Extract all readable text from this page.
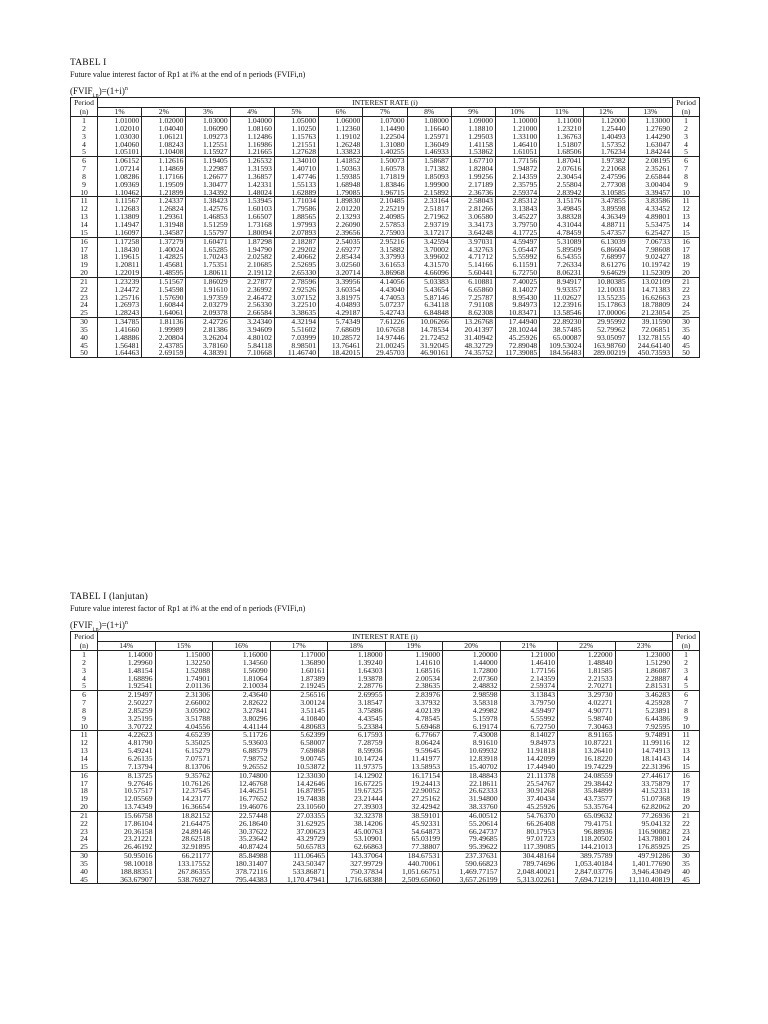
TABEL I
Future value interest factor of Rp1 at i% at the end of n periods (FVIFi,n)
$(FVIF_{i,n})=(1+i)^n$
Period	INTEREST RATE (i)													Period
(n)	1%	2%	3%	4%	5%	6%	7%	8%	9%	10%	11%	12%	13%	(n)
1	1.01000	1.02000	1.03000	1.04000	1.05000	1.06000	1.07000	1.08000	1.09000	1.10000	1.11000	1.12000	1.13000	1
2	1.02010	1.04040	1.06090	1.08160	1.10250	1.12360	1.14490	1.16640	1.18810	1.21000	1.23210	1.25440	1.27690	2
3	1.03030	1.06121	1.09273	1.12486	1.15763	1.19102	1.22504	1.25971	1.29503	1.33100	1.36763	1.40493	1.44290	3
4	1.04060	1.08243	1.12551	1.16986	1.21551	1.26248	1.31080	1.36049	1.41158	1.46410	1.51807	1.57352	1.63047	4
5	1.05101	1.10408	1.15927	1.21665	1.27628	1.33823	1.40255	1.46933	1.53862	1.61051	1.68506	1.76234	1.84244	5
6	1.06152	1.12616	1.19405	1.26532	1.34010	1.41852	1.50073	1.58687	1.67710	1.77156	1.87041	1.97382	2.08195	6
7	1.07214	1.14869	1.22987	1.31593	1.40710	1.50363	1.60578	1.71382	1.82804	1.94872	2.07616	2.21068	2.35261	7
8	1.08286	1.17166	1.26677	1.36857	1.47746	1.59385	1.71819	1.85093	1.99256	2.14359	2.30454	2.47596	2.65844	8
9	1.09369	1.19509	1.30477	1.42331	1.55133	1.68948	1.83846	1.99900	2.17189	2.35795	2.55804	2.77308	3.00404	9
10	1.10462	1.21899	1.34392	1.48024	1.62889	1.79085	1.96715	2.15892	2.36736	2.59374	2.83942	3.10585	3.39457	10
11	1.11567	1.24337	1.38423	1.53945	1.71034	1.89830	2.10485	2.33164	2.58043	2.85312	3.15176	3.47855	3.83586	11
12	1.12683	1.26824	1.42576	1.60103	1.79586	2.01220	2.25219	2.51817	2.81266	3.13843	3.49845	3.89598	4.33452	12
13	1.13809	1.29361	1.46853	1.66507	1.88565	2.13293	2.40985	2.71962	3.06580	3.45227	3.88328	4.36349	4.89801	13
14	1.14947	1.31948	1.51259	1.73168	1.97993	2.26090	2.57853	2.93719	3.34173	3.79750	4.31044	4.88711	5.53475	14
15	1.16097	1.34587	1.55797	1.80094	2.07893	2.39656	2.75903	3.17217	3.64248	4.17725	4.78459	5.47357	6.25427	15
16	1.17258	1.37279	1.60471	1.87298	2.18287	2.54035	2.95216	3.42594	3.97031	4.59497	5.31089	6.13039	7.06733	16
17	1.18430	1.40024	1.65285	1.94790	2.29202	2.69277	3.15882	3.70002	4.32763	5.05447	5.89509	6.86604	7.98608	17
18	1.19615	1.42825	1.70243	2.02582	2.40662	2.85434	3.37993	3.99602	4.71712	5.55992	6.54355	7.68997	9.02427	18
19	1.20811	1.45681	1.75351	2.10685	2.52695	3.02560	3.61653	4.31570	5.14166	6.11591	7.26334	8.61276	10.19742	19
20	1.22019	1.48595	1.80611	2.19112	2.65330	3.20714	3.86968	4.66096	5.60441	6.72750	8.06231	9.64629	11.52309	20
21	1.23239	1.51567	1.86029	2.27877	2.78596	3.39956	4.14056	5.03383	6.10881	7.40025	8.94917	10.80385	13.02109	21
22	1.24472	1.54598	1.91610	2.36992	2.92526	3.60354	4.43040	5.43654	6.65860	8.14027	9.93357	12.10031	14.71383	22
23	1.25716	1.57690	1.97359	2.46472	3.07152	3.81975	4.74053	5.87146	7.25787	8.95430	11.02627	13.55235	16.62663	23
24	1.26973	1.60844	2.03279	2.56330	3.22510	4.04893	5.07237	6.34118	7.91108	9.84973	12.23916	15.17863	18.78809	24
25	1.28243	1.64061	2.09378	2.66584	3.38635	4.29187	5.42743	6.84848	8.62308	10.83471	13.58546	17.00006	21.23054	25
30	1.34785	1.81136	2.42726	3.24340	4.32194	5.74349	7.61226	10.06266	13.26768	17.44940	22.89230	29.95992	39.11590	30
35	1.41660	1.99989	2.81386	3.94609	5.51602	7.68609	10.67658	14.78534	20.41397	28.10244	38.57485	52.79962	72.06851	35
40	1.48886	2.20804	3.26204	4.80102	7.03999	10.28572	14.97446	21.72452	31.40942	45.25926	65.00087	93.05097	132.78155	40
45	1.56481	2.43785	3.78160	5.84118	8.98501	13.76461	21.00245	31.92045	48.32729	72.89048	109.53024	163.98760	244.64140	45
50	1.64463	2.69159	4.38391	7.10668	11.46740	18.42015	29.45703	46.90161	74.35752	117.39085	184.56483	289.00219	450.73593	50
TABEL I (lanjutan)
Future value interest factor of Rp1 at i% at the end of n periods (FVIFi,n)
$(FVIF_{i,n})=(1+i)^n$
Period	INTEREST RATE (i)										Period
(n)	14%	15%	16%	17%	18%	19%	20%	21%	22%	23%	(n)
1	1.14000	1.15000	1.16000	1.17000	1.18000	1.19000	1.20000	1.21000	1.22000	1.23000	1
2	1.29960	1.32250	1.34560	1.36890	1.39240	1.41610	1.44000	1.46410	1.48840	1.51290	2
3	1.48154	1.52088	1.56090	1.60161	1.64303	1.68516	1.72800	1.77156	1.81585	1.86087	3
4	1.68896	1.74901	1.81064	1.87389	1.93878	2.00534	2.07360	2.14359	2.21533	2.28887	4
5	1.92541	2.01136	2.10034	2.19245	2.28776	2.38635	2.48832	2.59374	2.70271	2.81531	5
6	2.19497	2.31306	2.43640	2.56516	2.69955	2.83976	2.98598	3.13843	3.29730	3.46283	6
7	2.50227	2.66002	2.82622	3.00124	3.18547	3.37932	3.58318	3.79750	4.02271	4.25928	7
8	2.85259	3.05902	3.27841	3.51145	3.75886	4.02139	4.29982	4.59497	4.90771	5.23891	8
9	3.25195	3.51788	3.80296	4.10840	4.43545	4.78545	5.15978	5.55992	5.98740	6.44386	9
10	3.70722	4.04556	4.41144	4.80683	5.23384	5.69468	6.19174	6.72750	7.30463	7.92595	10
11	4.22623	4.65239	5.11726	5.62399	6.17593	6.77667	7.43008	8.14027	8.91165	9.74891	11
12	4.81790	5.35025	5.93603	6.58007	7.28759	8.06424	8.91610	9.84973	10.87221	11.99116	12
13	5.49241	6.15279	6.88579	7.69868	8.59936	9.59645	10.69932	11.91818	13.26410	14.74913	13
14	6.26135	7.07571	7.98752	9.00745	10.14724	11.41977	12.83918	14.42099	16.18220	18.14143	14
15	7.13794	8.13706	9.26552	10.53872	11.97375	13.58953	15.40702	17.44940	19.74229	22.31396	15
16	8.13725	9.35762	10.74800	12.33030	14.12902	16.17154	18.48843	21.11378	24.08559	27.44617	16
17	9.27646	10.76126	12.46768	14.42646	16.67225	19.24413	22.18611	25.54767	29.38442	33.75879	17
18	10.57517	12.37545	14.46251	16.87895	19.67325	22.90052	26.62333	30.91268	35.84899	41.52331	18
19	12.05569	14.23177	16.77652	19.74838	23.21444	27.25162	31.94800	37.40434	43.73577	51.07368	19
20	13.74349	16.36654	19.46076	23.10560	27.39303	32.42942	38.33760	45.25926	53.35764	62.82062	20
21	15.66758	18.82152	22.57448	27.03355	32.32378	38.59101	46.00512	54.76370	65.09632	77.26936	21
22	17.86104	21.64475	26.18640	31.62925	38.14206	45.92331	55.20614	66.26408	79.41751	95.04132	22
23	20.36158	24.89146	30.37622	37.00623	45.00763	54.64873	66.24737	80.17953	96.88936	116.90082	23
24	23.21221	28.62518	35.23642	43.29729	53.10901	65.03199	79.49685	97.01723	118.20502	143.78801	24
25	26.46192	32.91895	40.87424	50.65783	62.66863	77.38807	95.39622	117.39085	144.21013	176.85925	25
30	50.95016	66.21177	85.84988	111.06465	143.37064	184.67531	237.37631	304.48164	389.75789	497.91286	30
35	98.10018	133.17552	180.31407	243.50347	327.99729	440.70061	590.66823	789.74696	1,053.40184	1,401.77690	35
40	188.88351	267.86355	378.72116	533.86871	750.37834	1,051.66751	1,469.77157	2,048.40021	2,847.03776	3,946.43049	40
45	363.67907	538.76927	795.44383	1,170.47941	1,716.68388	2,509.65060	3,657.26199	5,313.02261	7,694.71219	11,110.40819	45
